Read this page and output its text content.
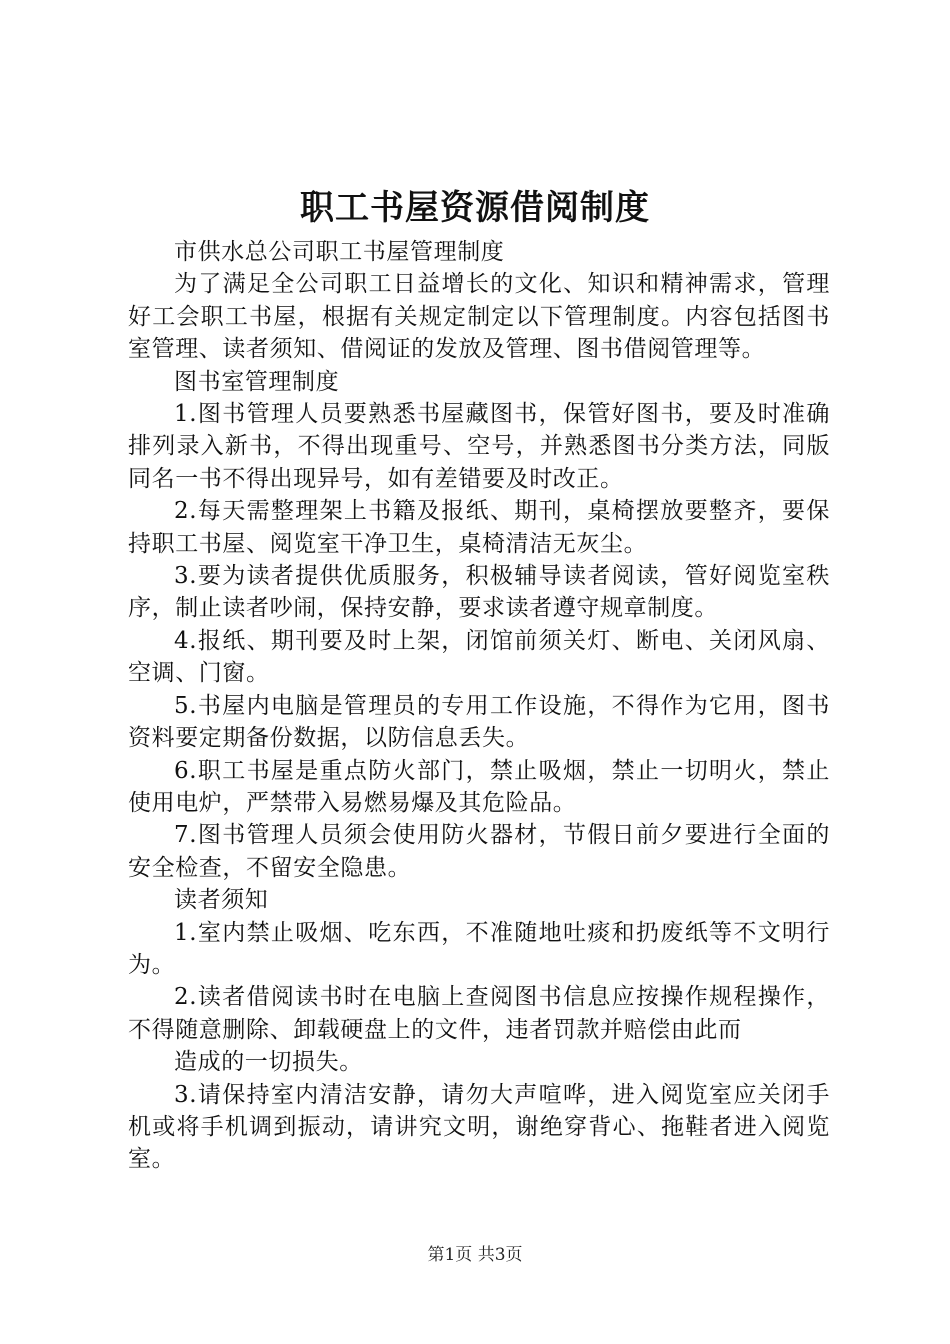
职工书屋资源借阅制度

市供水总公司职工书屋管理制度

为了满足全公司职工日益增长的文化、知识和精神需求，管理好工会职工书屋，根据有关规定制定以下管理制度。内容包括图书室管理、读者须知、借阅证的发放及管理、图书借阅管理等。

图书室管理制度

1.图书管理人员要熟悉书屋藏图书，保管好图书，要及时准确排列录入新书，不得出现重号、空号，并熟悉图书分类方法，同版同名一书不得出现异号，如有差错要及时改正。

2.每天需整理架上书籍及报纸、期刊，桌椅摆放要整齐，要保持职工书屋、阅览室干净卫生，桌椅清洁无灰尘。

3.要为读者提供优质服务，积极辅导读者阅读，管好阅览室秩序，制止读者吵闹，保持安静，要求读者遵守规章制度。

4.报纸、期刊要及时上架，闭馆前须关灯、断电、关闭风扇、空调、门窗。

5.书屋内电脑是管理员的专用工作设施，不得作为它用，图书资料要定期备份数据，以防信息丢失。

6.职工书屋是重点防火部门，禁止吸烟，禁止一切明火，禁止使用电炉，严禁带入易燃易爆及其危险品。

7.图书管理人员须会使用防火器材，节假日前夕要进行全面的安全检查，不留安全隐患。

读者须知

1.室内禁止吸烟、吃东西，不准随地吐痰和扔废纸等不文明行为。

2.读者借阅读书时在电脑上查阅图书信息应按操作规程操作，不得随意删除、卸载硬盘上的文件，违者罚款并赔偿由此而

造成的一切损失。

3.请保持室内清洁安静，请勿大声喧哗，进入阅览室应关闭手机或将手机调到振动，请讲究文明，谢绝穿背心、拖鞋者进入阅览室。

第1页 共3页
